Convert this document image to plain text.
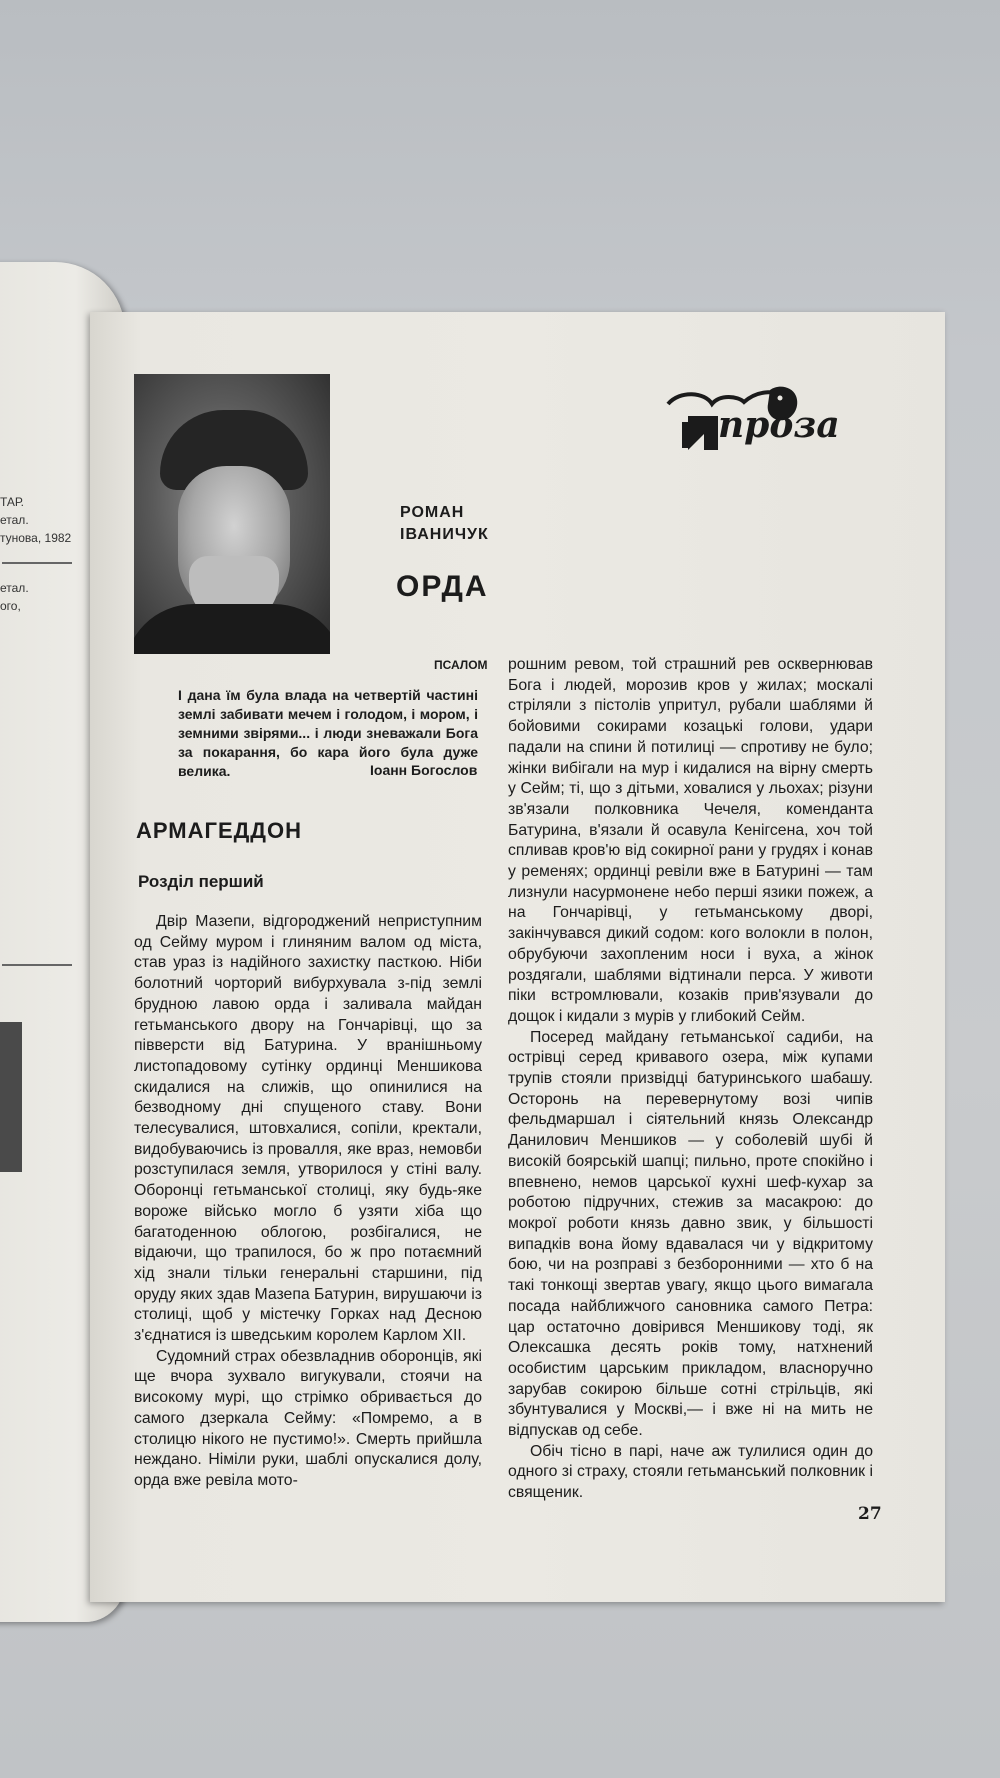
ТАР.
етал.
тунова, 1982
етал.
ого,
РОМАН
ІВАНИЧУК
ОРДА
проза
ПСАЛОМ
І дана їм була влада на четвертій частині землі забивати мечем і голодом, і мором, і земними звірями... і люди зневажали Бога за покарання, бо кара його була дуже велика.	Іоанн Богослов
АРМАГЕДДОН
Розділ перший

Двір Мазепи, відгороджений неприступним од Сейму муром і глиняним валом од міста, став ураз із надійного захистку пасткою. Ніби болотний чорторий вибурхувала з-під землі брудною лавою орда і заливала майдан гетьманського двору на Гончарівці, що за півверсти від Батурина. У вранішньому листопадовому сутінку ординці Меншикова скидалися на слижів, що опинилися на безводному дні спущеного ставу. Вони телесувалися, штовхалися, сопіли, кректали, видобуваючись із провалля, яке враз, немовби розступилася земля, утворилося у стіні валу. Оборонці гетьманської столиці, яку будь-яке вороже військо могло б узяти хіба що багатоденною облогою, розбігалися, не відаючи, що трапилося, бо ж про потаємний хід знали тільки генеральні старшини, під оруду яких здав Мазепа Батурин, вирушаючи із столиці, щоб у містечку Горках над Десною з'єднатися із шведським королем Карлом XII.

Судомний страх обезвладнив оборонців, які ще вчора зухвало вигукували, стоячи на високому мурі, що стрімко обривається до самого дзеркала Сейму: «Помремо, а в столицю нікого не пустимо!». Смерть прийшла неждано. Німіли руки, шаблі опускалися долу, орда вже ревіла мото-

рошним ревом, той страшний рев осквернював Бога і людей, морозив кров у жилах; москалі стріляли з пістолів упритул, рубали шаблями й бойовими сокирами козацькі голови, удари падали на спини й потилиці — спротиву не було; жінки вибігали на мур і кидалися на вірну смерть у Сейм; ті, що з дітьми, ховалися у льохах; різуни зв'язали полковника Чечеля, коменданта Батурина, в'язали й осавула Кенігсена, хоч той спливав кров'ю від сокирної рани у грудях і конав у ременях; ординці ревіли вже в Батурині — там лизнули насурмонене небо перші язики пожеж, а на Гончарівці, у гетьманському дворі, закінчувався дикий содом: кого волокли в полон, обрубуючи захопленим носи і вуха, а жінок роздягали, шаблями відтинали перса. У животи піки встромлювали, козаків прив'язували до дощок і кидали з мурів у глибокий Сейм.

Посеред майдану гетьманської садиби, на острівці серед кривавого озера, між купами трупів стояли призвідці батуринського шабашу. Осторонь на перевернутому возі чипів фельдмаршал і сіятельний князь Олександр Данилович Меншиков — у соболевій шубі й високій боярській шапці; пильно, проте спокійно і впевнено, немов царської кухні шеф-кухар за роботою підручних, стежив за масакрою: до мокрої роботи князь давно звик, у більшості випадків вона йому вдавалася чи у відкритому бою, чи на розправі з безборонними — хто б на такі тонкощі звертав увагу, якщо цього вимагала посада найближчого сановника самого Петра: цар остаточно довірився Меншикову тоді, як Олексашка десять років тому, натхнений особистим царським прикладом, власноручно зарубав сокирою більше сотні стрільців, які збунтувалися у Москві,— і вже ні на мить не відпускав од себе.

Обіч тісно в парі, наче аж тулилися один до одного зі страху, стояли гетьманський полковник і священик.

27
